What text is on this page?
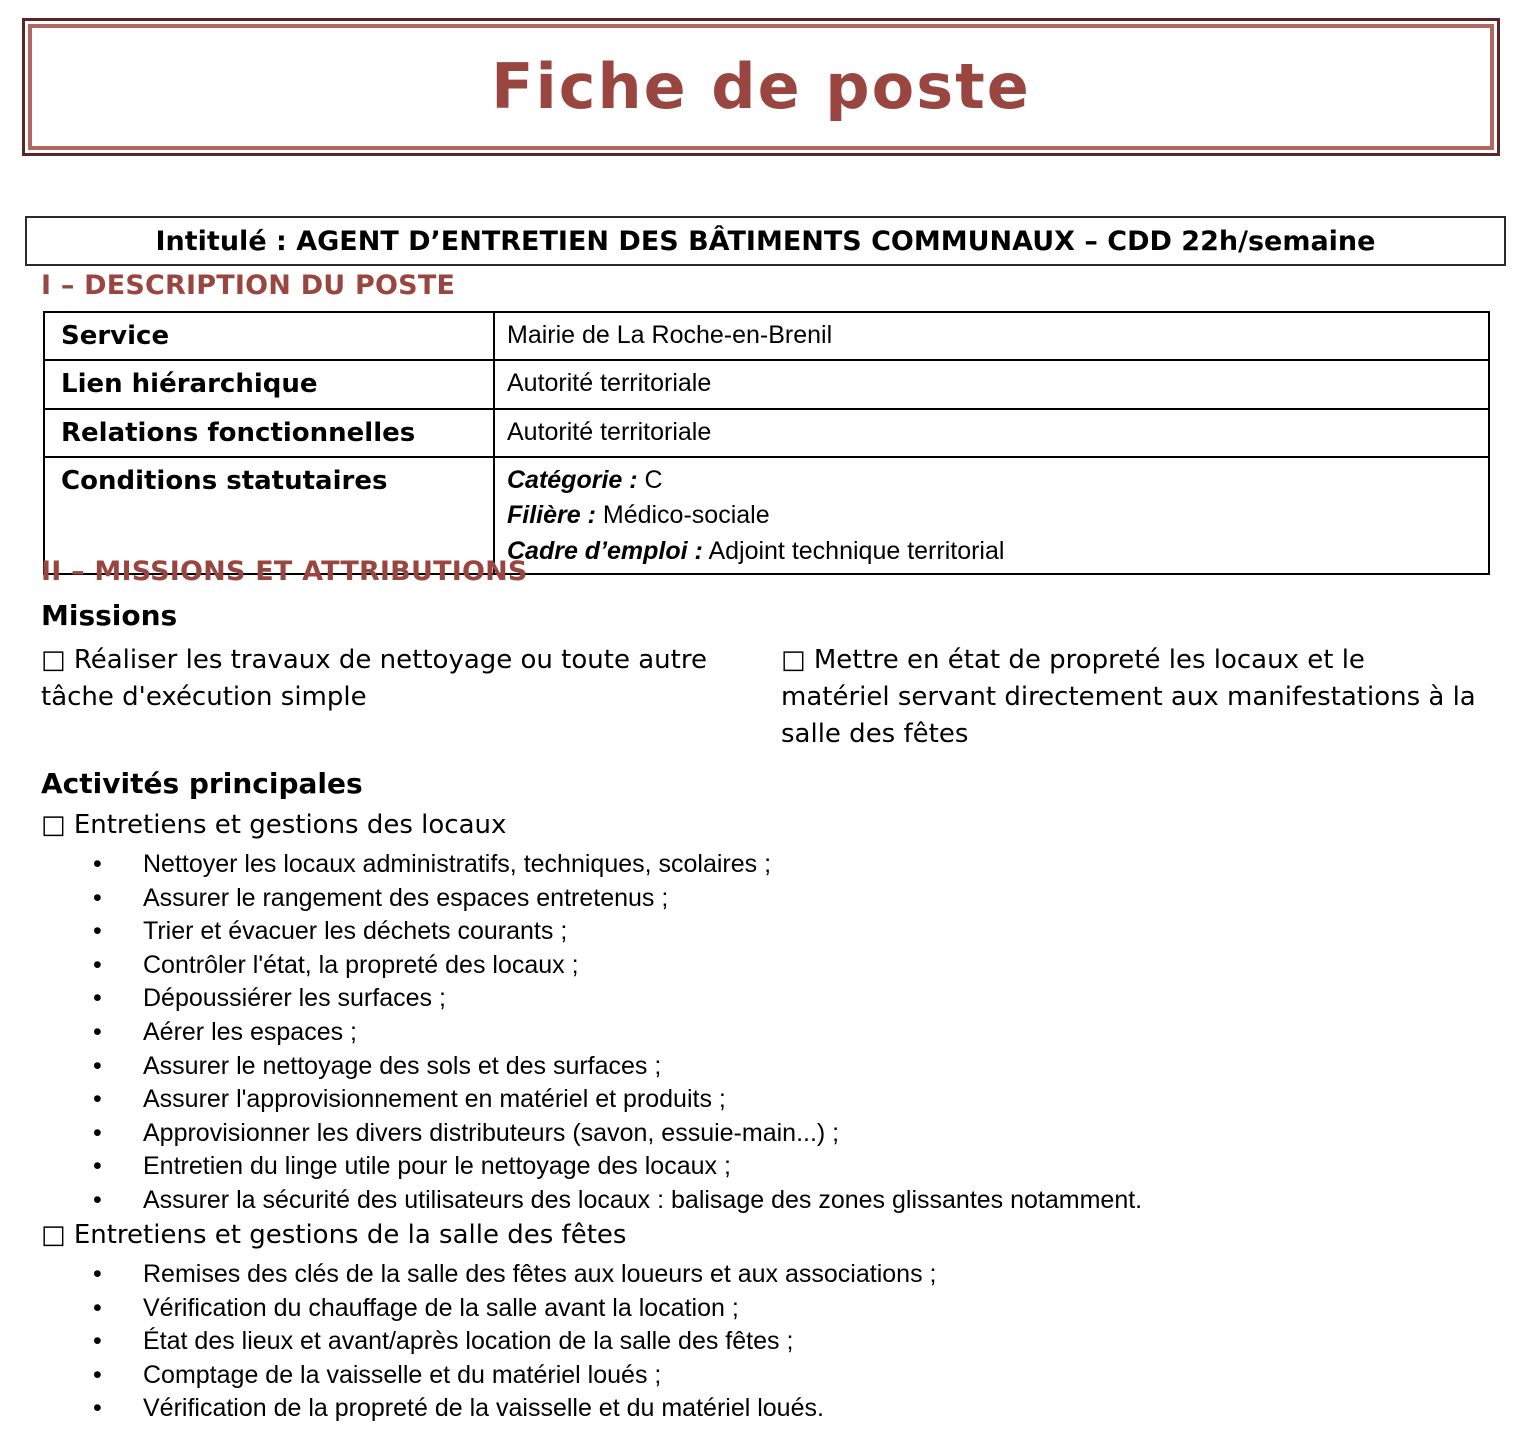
Fiche de poste
Intitulé : AGENT D’ENTRETIEN DES BÂTIMENTS COMMUNAUX – CDD 22h/semaine
I – DESCRIPTION DU POSTE
Service	Mairie de La Roche-en-Brenil

Lien hiérarchique	Autorité territoriale

Relations fonctionnelles	Autorité territoriale

Conditions statutaires	Catégorie : C
Filière : Médico-sociale
Cadre d’emploi : Adjoint technique territorial
II – MISSIONS ET ATTRIBUTIONS
Missions
□ Réaliser les travaux de nettoyage ou toute autre tâche d'exécution simple
□ Mettre en état de propreté les locaux et le matériel servant directement aux manifestations à la salle des fêtes
Activités principales
□ Entretiens et gestions des locaux
• Nettoyer les locaux administratifs, techniques, scolaires ;
• Assurer le rangement des espaces entretenus ;
• Trier et évacuer les déchets courants ;
• Contrôler l'état, la propreté des locaux ;
• Dépoussiérer les surfaces ;
• Aérer les espaces ;
• Assurer le nettoyage des sols et des surfaces ;
• Assurer l'approvisionnement en matériel et produits ;
• Approvisionner les divers distributeurs (savon, essuie-main...) ;
• Entretien du linge utile pour le nettoyage des locaux ;
• Assurer la sécurité des utilisateurs des locaux : balisage des zones glissantes notamment.
□ Entretiens et gestions de la salle des fêtes
• Remises des clés de la salle des fêtes aux loueurs et aux associations ;
• Vérification du chauffage de la salle avant la location ;
• État des lieux et avant/après location de la salle des fêtes ;
• Comptage de la vaisselle et du matériel loués ;
• Vérification de la propreté de la vaisselle et du matériel loués.
